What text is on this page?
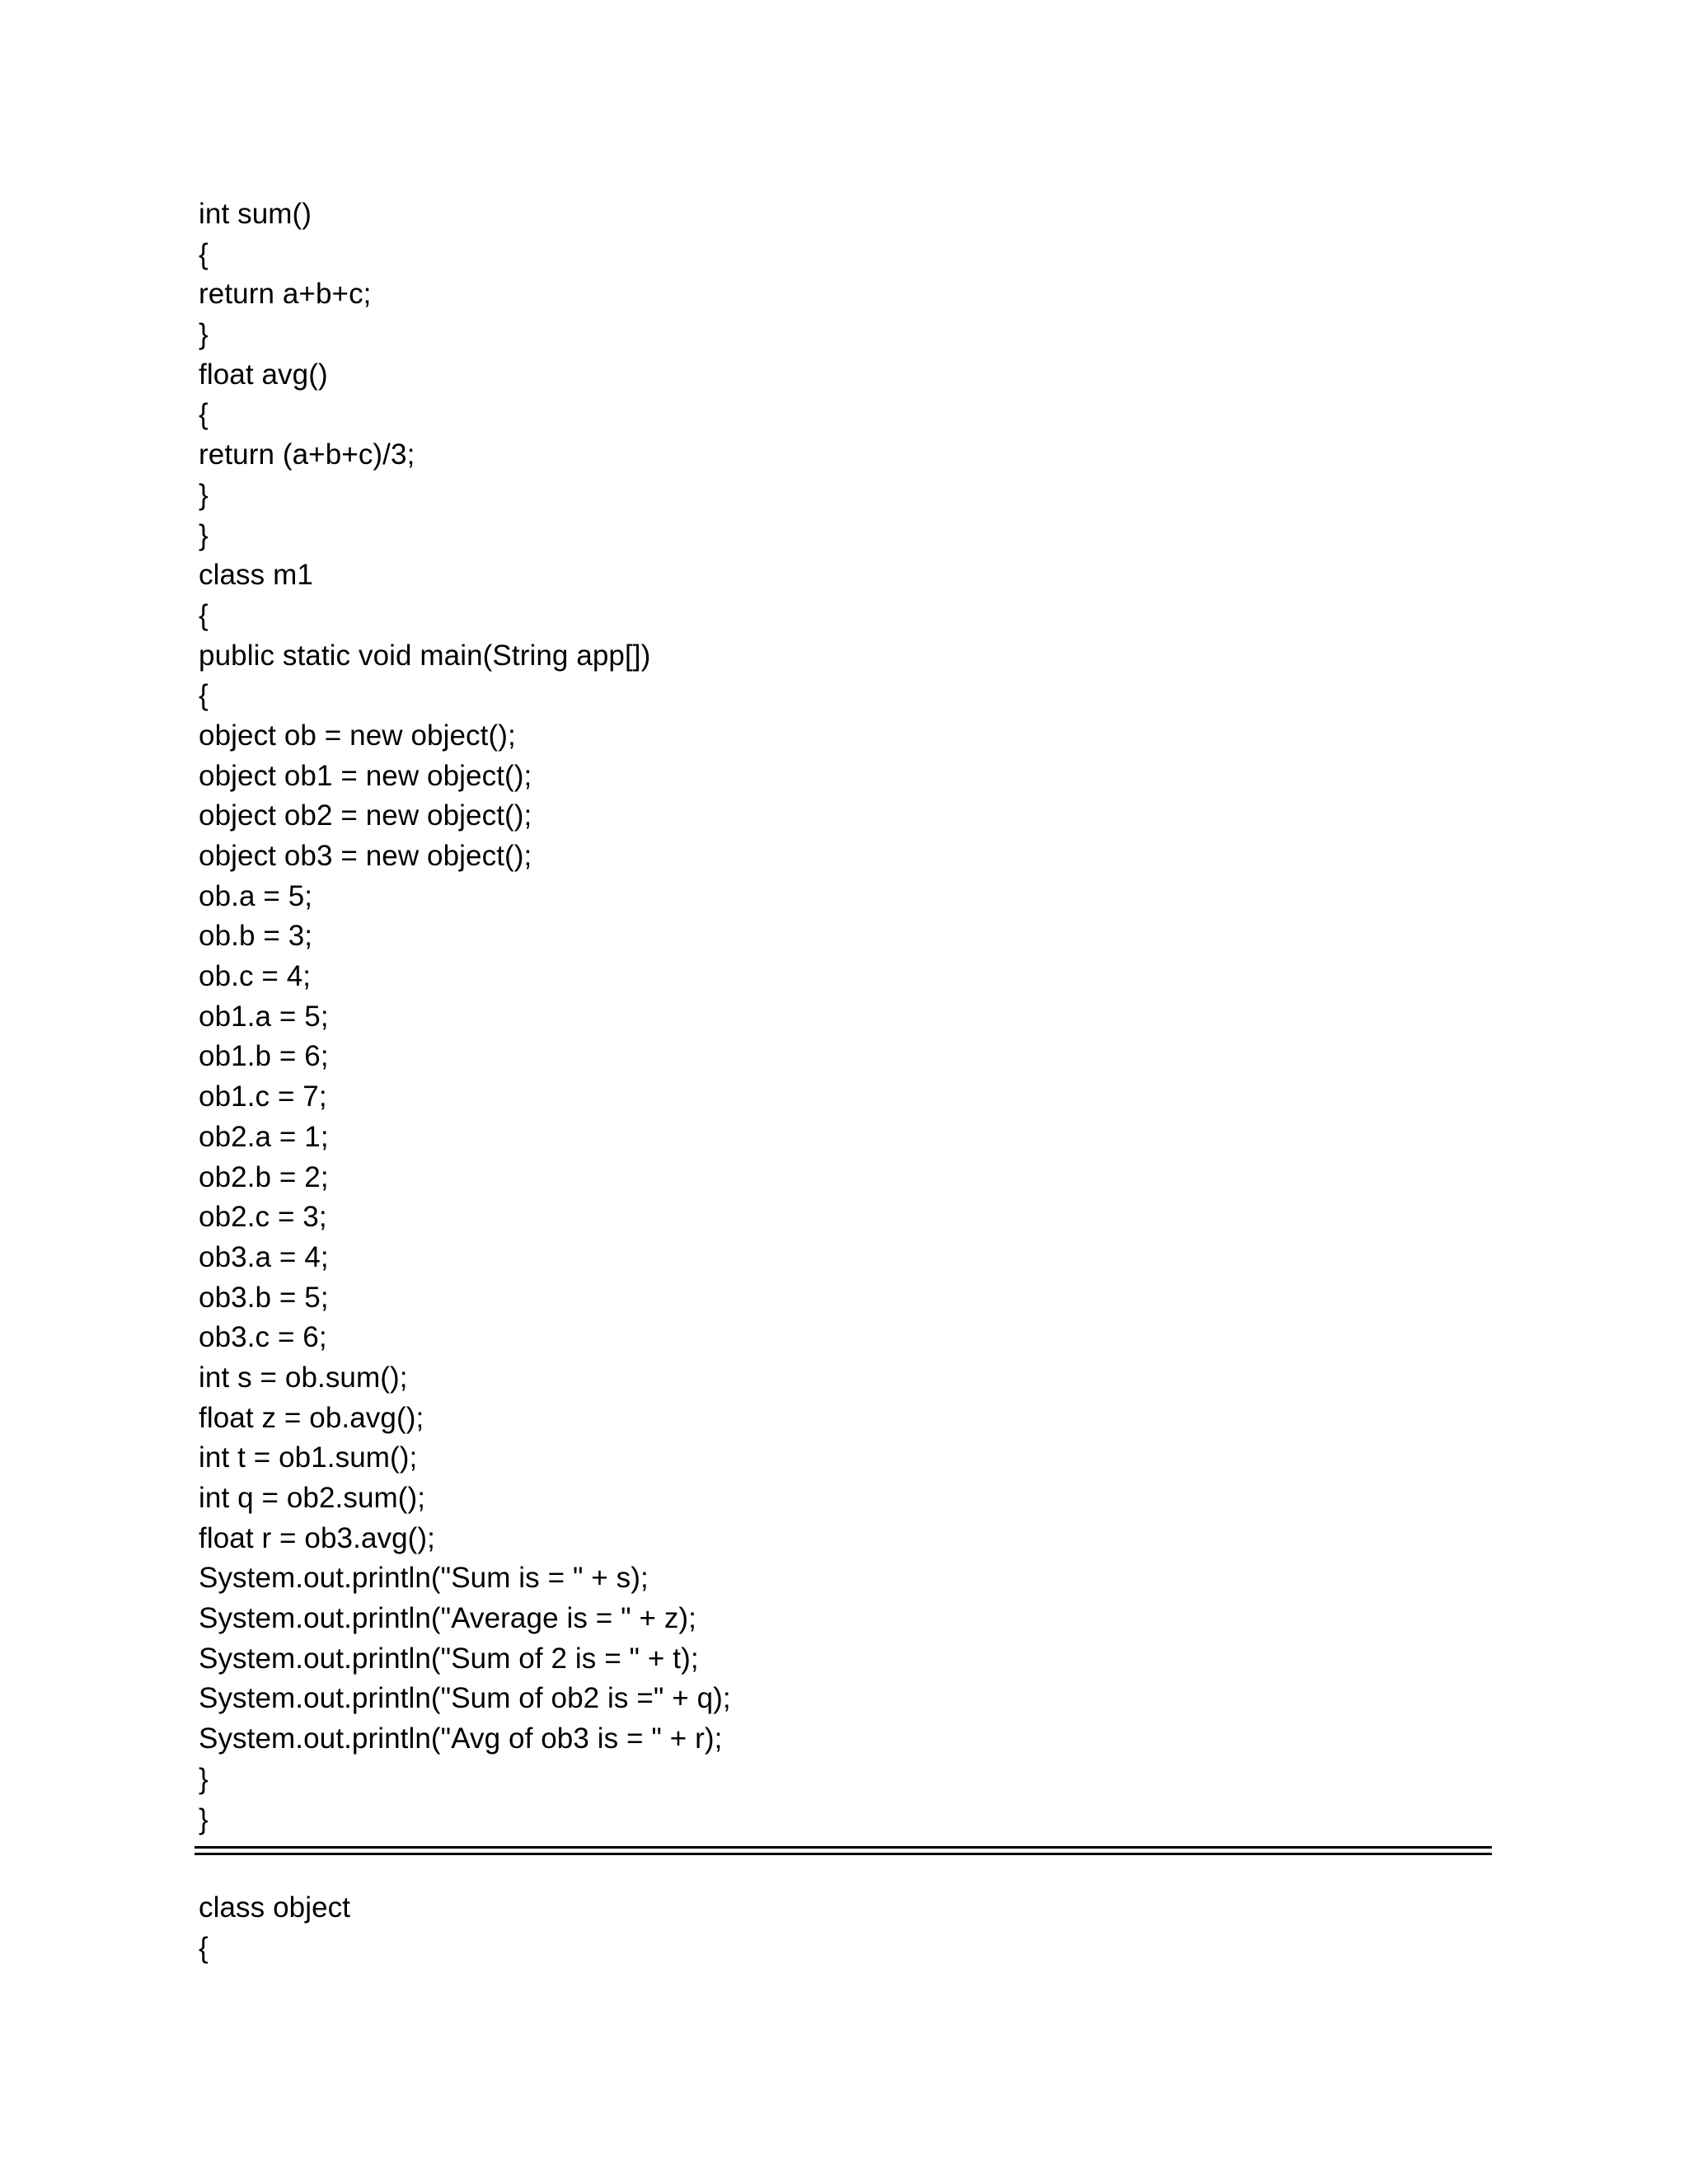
int sum()
{
return a+b+c;
}
float avg()
{
return (a+b+c)/3;
}
}
class m1
{
public static void main(String app[])
{
object ob = new object();
object ob1 = new object();
object ob2 = new object();
object ob3 = new object();
ob.a = 5;
ob.b = 3;
ob.c = 4;
ob1.a = 5;
ob1.b = 6;
ob1.c = 7;
ob2.a = 1;
ob2.b = 2;
ob2.c = 3;
ob3.a = 4;
ob3.b = 5;
ob3.c = 6;
int s = ob.sum();
float z = ob.avg();
int t = ob1.sum();
int q = ob2.sum();
float r = ob3.avg();
System.out.println("Sum is = " + s);
System.out.println("Average is = " + z);
System.out.println("Sum of 2 is = " + t);
System.out.println("Sum of ob2 is =" + q);
System.out.println("Avg of ob3 is = " + r);
}
}
class object
{
